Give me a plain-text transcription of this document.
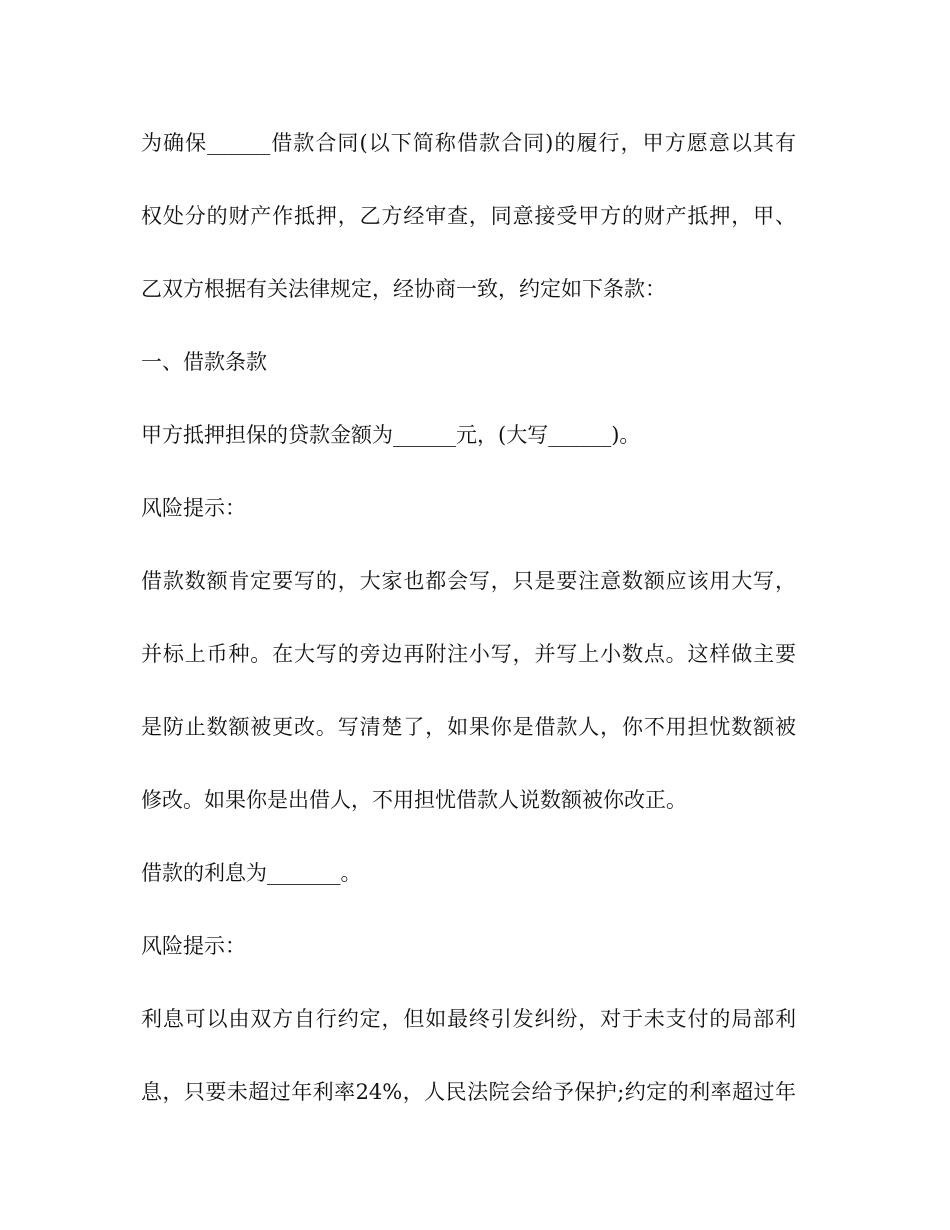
为确保______借款合同(以下简称借款合同)的履行，甲方愿意以其有

权处分的财产作抵押，乙方经审查，同意接受甲方的财产抵押，甲、

乙双方根据有关法律规定，经协商一致，约定如下条款：

一、借款条款

甲方抵押担保的贷款金额为______元，(大写______)。

风险提示：

借款数额肯定要写的，大家也都会写，只是要注意数额应该用大写，

并标上币种。在大写的旁边再附注小写，并写上小数点。这样做主要

是防止数额被更改。写清楚了，如果你是借款人，你不用担忧数额被

修改。如果你是出借人，不用担忧借款人说数额被你改正。

借款的利息为_______。

风险提示：

利息可以由双方自行约定，但如最终引发纠纷，对于未支付的局部利

息，只要未超过年利率24%，人民法院会给予保护;约定的利率超过年
